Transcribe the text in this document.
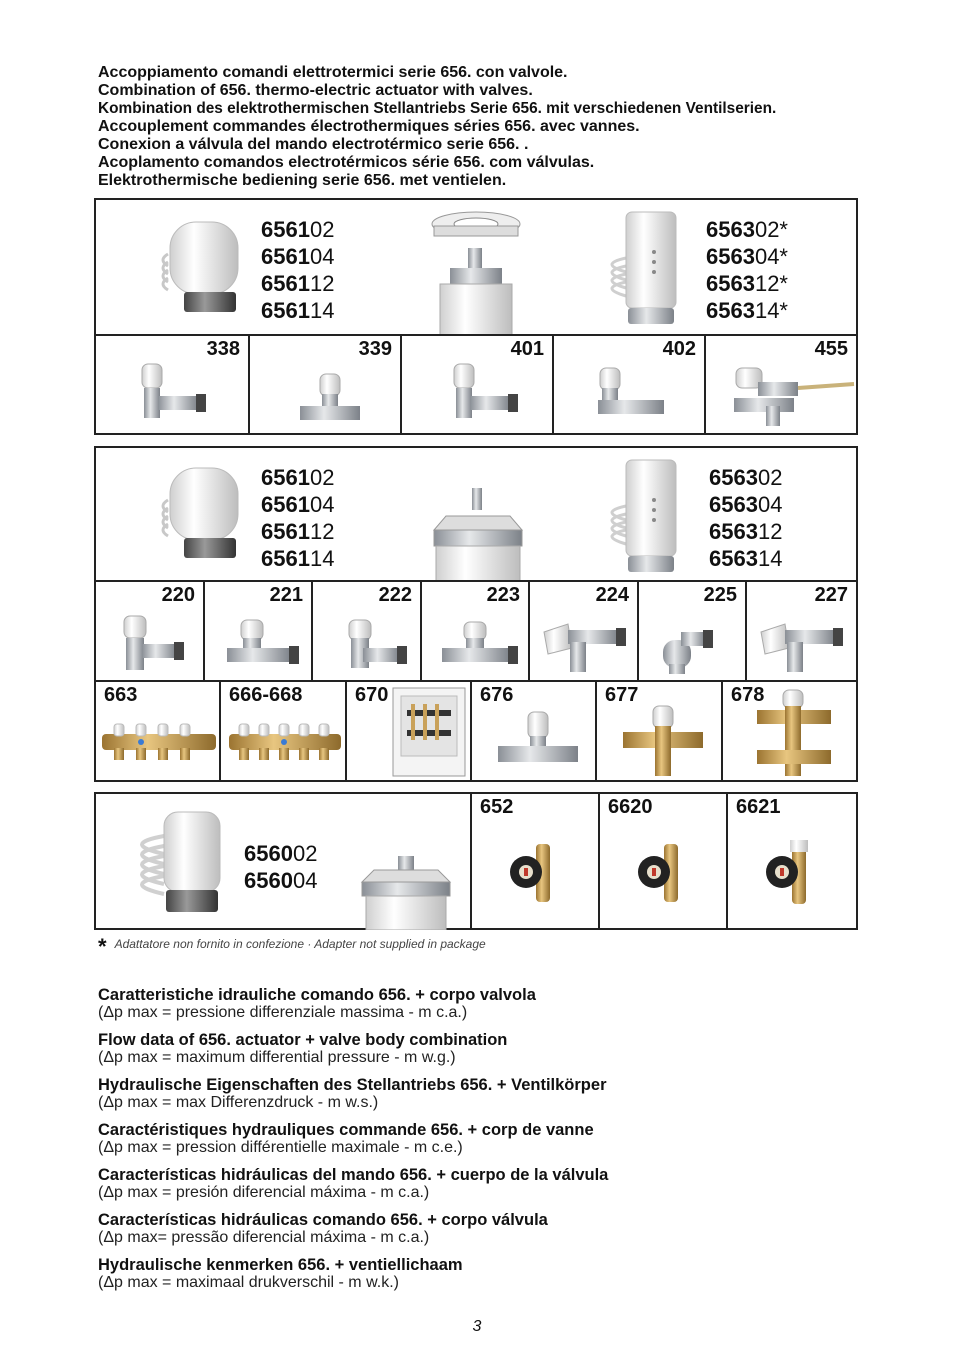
Accoppiamento comandi elettrotermici serie 656. con valvole.
Combination of 656. thermo-electric actuator with valves.
Kombination des elektrothermischen Stellantriebs Serie 656. mit verschiedenen Ventilserien.
Accouplement commandes électrothermiques séries 656. avec vannes.
Conexion a válvula del mando electrotérmico serie 656. .
Acoplamento comandos electrotérmicos série 656. com válvulas.
Elektrothermische bediening serie 656. met ventielen.
656102
656104
656112
656114
656302*
656304*
656312*
656314*
338	339	401	402	455
656102
656104
656112
656114
656302
656304
656312
656314
220	221	222	223	224	225	227
663	666-668	670	676	677	678
656002
656004
652	6620	6621
* Adattatore non fornito in confezione · Adapter not supplied in package
Caratteristiche idrauliche comando 656. + corpo valvola
(Δp max = pressione differenziale massima - m c.a.)
Flow data of 656. actuator + valve body combination
(Δp max = maximum differential pressure - m w.g.)
Hydraulische Eigenschaften des Stellantriebs 656. + Ventilkörper
(Δp max = max Differenzdruck - m w.s.)
Caractéristiques hydrauliques commande 656. + corp de vanne
(Δp max = pression différentielle maximale - m c.e.)
Características hidráulicas del mando 656. + cuerpo de la válvula
(Δp max = presión diferencial máxima - m c.a.)
Características hidráulicas comando 656. + corpo válvula
(Δp max= pressão diferencial máxima - m c.a.)
Hydraulische kenmerken 656. + ventiellichaam
(Δp max = maximaal drukverschil - m w.k.)
3
